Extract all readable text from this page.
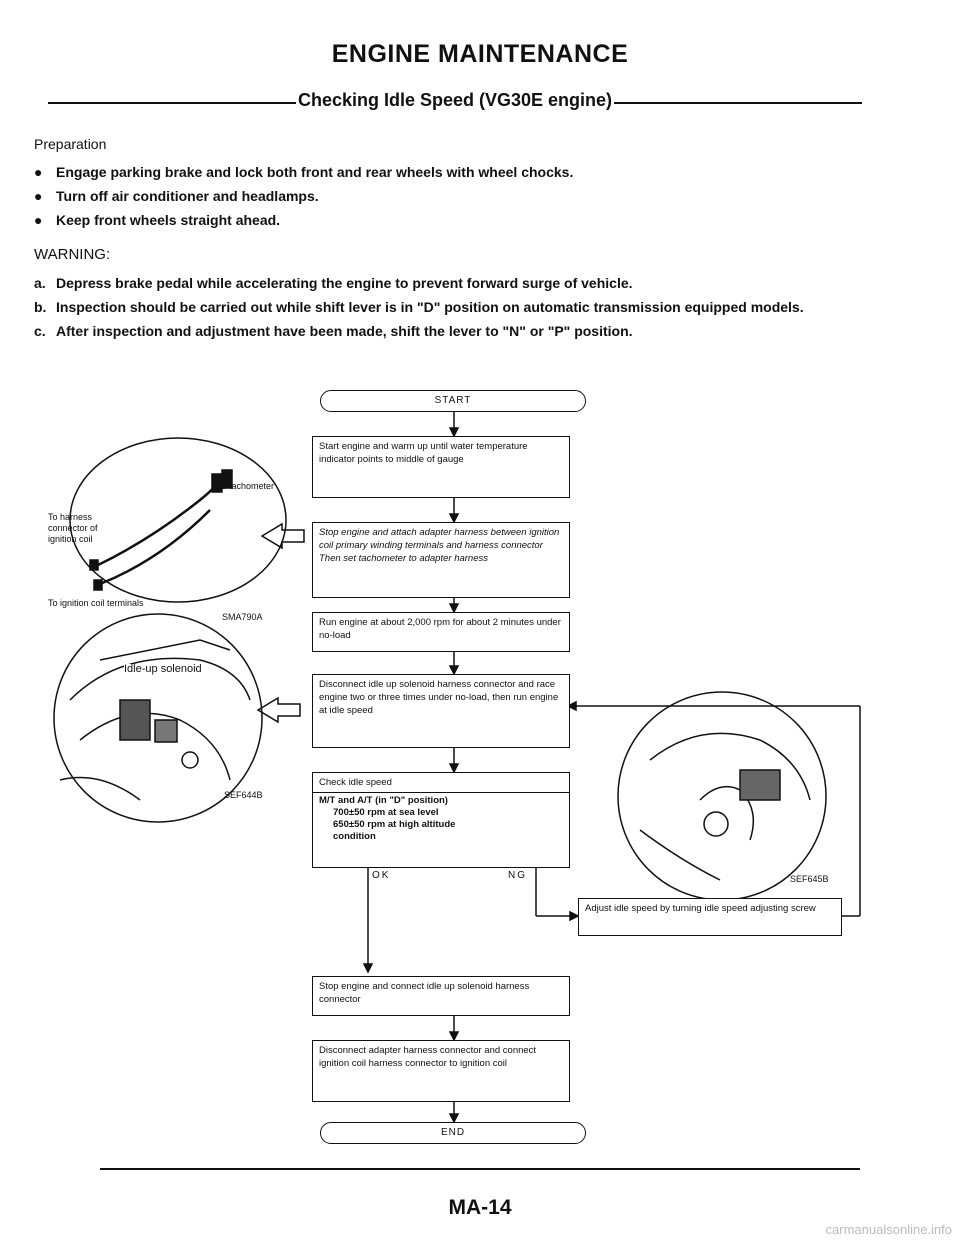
ENGINE MAINTENANCE
Checking Idle Speed (VG30E engine)
Preparation
● Engage parking brake and lock both front and rear wheels with wheel chocks.
● Turn off air conditioner and headlamps.
● Keep front wheels straight ahead.
WARNING:
a. Depress brake pedal while accelerating the engine to prevent forward surge of vehicle.
b. Inspection should be carried out while shift lever is in "D" position on automatic transmission equipped models.
c. After inspection and adjustment have been made, shift the lever to "N" or "P" position.
To tachometer
To harness connector of ignition coil
To ignition coil terminals
SMA790A
Idle-up solenoid
SEF644B
SEF645B
START
Start engine and warm up until water temperature indicator points to middle of gauge
Stop engine and attach adapter harness between ignition coil primary winding terminals and harness connector Then set tachometer to adapter harness
Run engine at about 2,000 rpm for about 2 minutes under no-load
Disconnect idle up solenoid harness connector and race engine two or three times under no-load, then run engine at idle speed
Check idle speed
M/T and A/T (in "D" position)
700±50 rpm at sea level
650±50 rpm at high altitude
condition
OK	NG
Adjust idle speed by turning idle speed adjusting screw
Stop engine and connect idle up solenoid harness connector
Disconnect adapter harness connector and connect ignition coil harness connector to ignition coil
END
MA-14
carmanualsonline.info
